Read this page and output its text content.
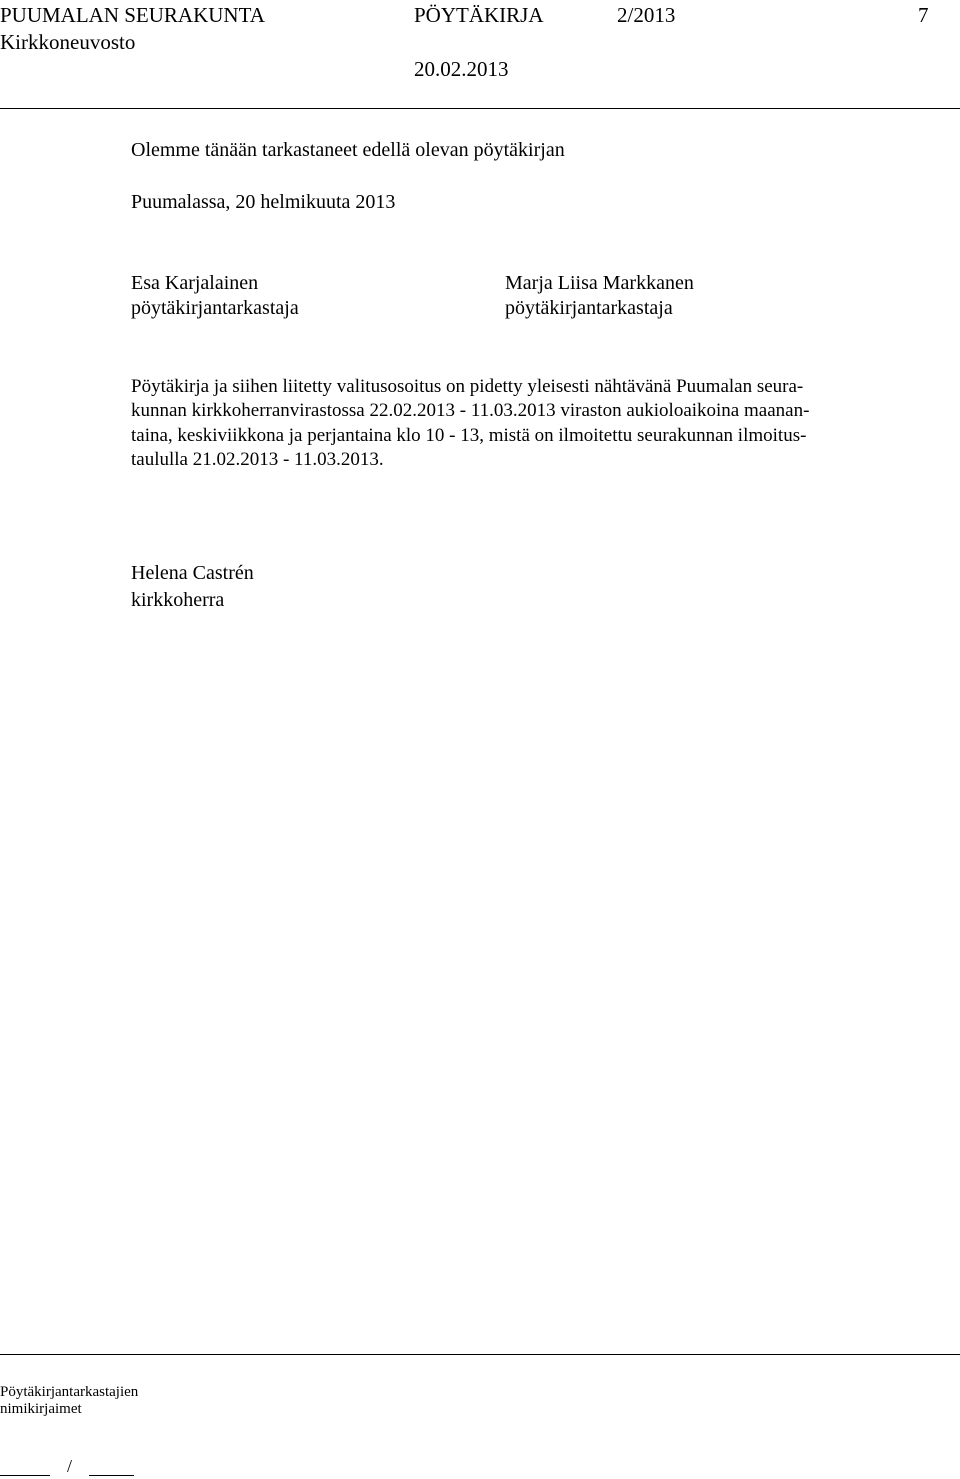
PUUMALAN SEURAKUNTA	PÖYTÄKIRJA	2/2013	7
Kirkkoneuvosto
20.02.2013
Olemme tänään tarkastaneet edellä olevan pöytäkirjan
Puumalassa, 20 helmikuuta 2013
Esa Karjalainen
pöytäkirjantarkastaja
Marja Liisa Markkanen
pöytäkirjantarkastaja
Pöytäkirja ja siihen liitetty valitusosoitus on pidetty yleisesti nähtävänä Puumalan seura-
kunnan kirkkoherranvirastossa 22.02.2013 - 11.03.2013 viraston aukioloaikoina maanan-
taina, keskiviikkona ja perjantaina klo 10 - 13, mistä on ilmoitettu seurakunnan ilmoitus-
taululla 21.02.2013 - 11.03.2013.
Helena Castrén
kirkkoherra
Pöytäkirjantarkastajien
nimikirjaimet
/
